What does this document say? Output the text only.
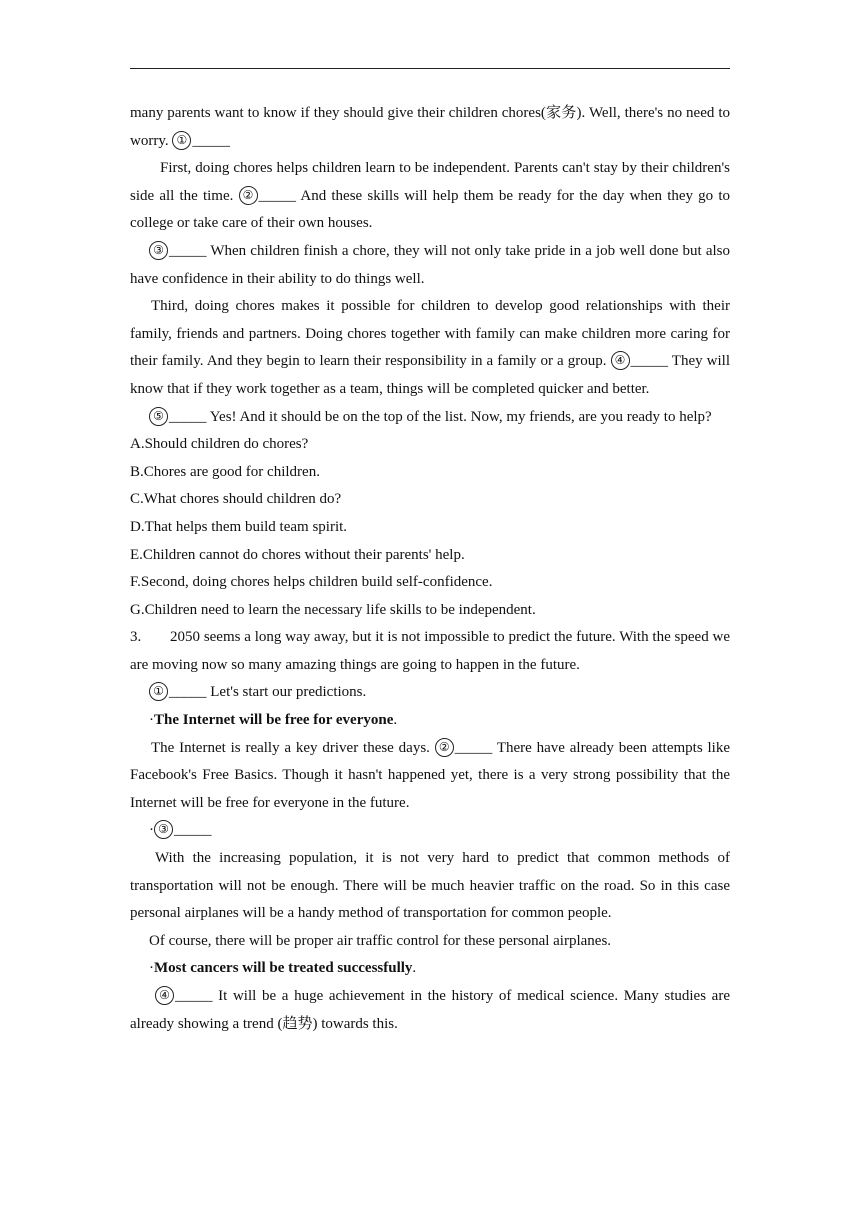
many parents want to know if they should give their children chores(家务). Well, there's no need to worry. ① _____

First, doing chores helps children learn to be independent. Parents can't stay by their children's side all the time. ② _____ And these skills will help them be ready for the day when they go to college or take care of their own houses.

③ _____ When children finish a chore, they will not only take pride in a job well done but also have confidence in their ability to do things well.

Third, doing chores makes it possible for children to develop good relationships with their family, friends and partners. Doing chores together with family can make children more caring for their family. And they begin to learn their responsibility in a family or a group. ④ _____ They will know that if they work together as a team, things will be completed quicker and better.

⑤ _____ Yes! And it should be on the top of the list. Now, my friends, are you ready to help?

A.Should children do chores?

B.Chores are good for children.

C.What chores should children do?

D.That helps them build team spirit.

E.Children cannot do chores without their parents' help.

F.Second, doing chores helps children build self-confidence.

G.Children need to learn the necessary life skills to be independent.

3. 2050 seems a long way away, but it is not impossible to predict the future. With the speed we are moving now so many amazing things are going to happen in the future.

① _____ Let's start our predictions.

·The Internet will be free for everyone.

The Internet is really a key driver these days. ② _____ There have already been attempts like Facebook's Free Basics. Though it hasn't happened yet, there is a very strong possibility that the Internet will be free for everyone in the future.

· ③ _____

With the increasing population, it is not very hard to predict that common methods of transportation will not be enough. There will be much heavier traffic on the road. So in this case personal airplanes will be a handy method of transportation for common people.

Of course, there will be proper air traffic control for these personal airplanes.

·Most cancers will be treated successfully.

④ _____ It will be a huge achievement in the history of medical science. Many studies are already showing a trend (趋势) towards this.
